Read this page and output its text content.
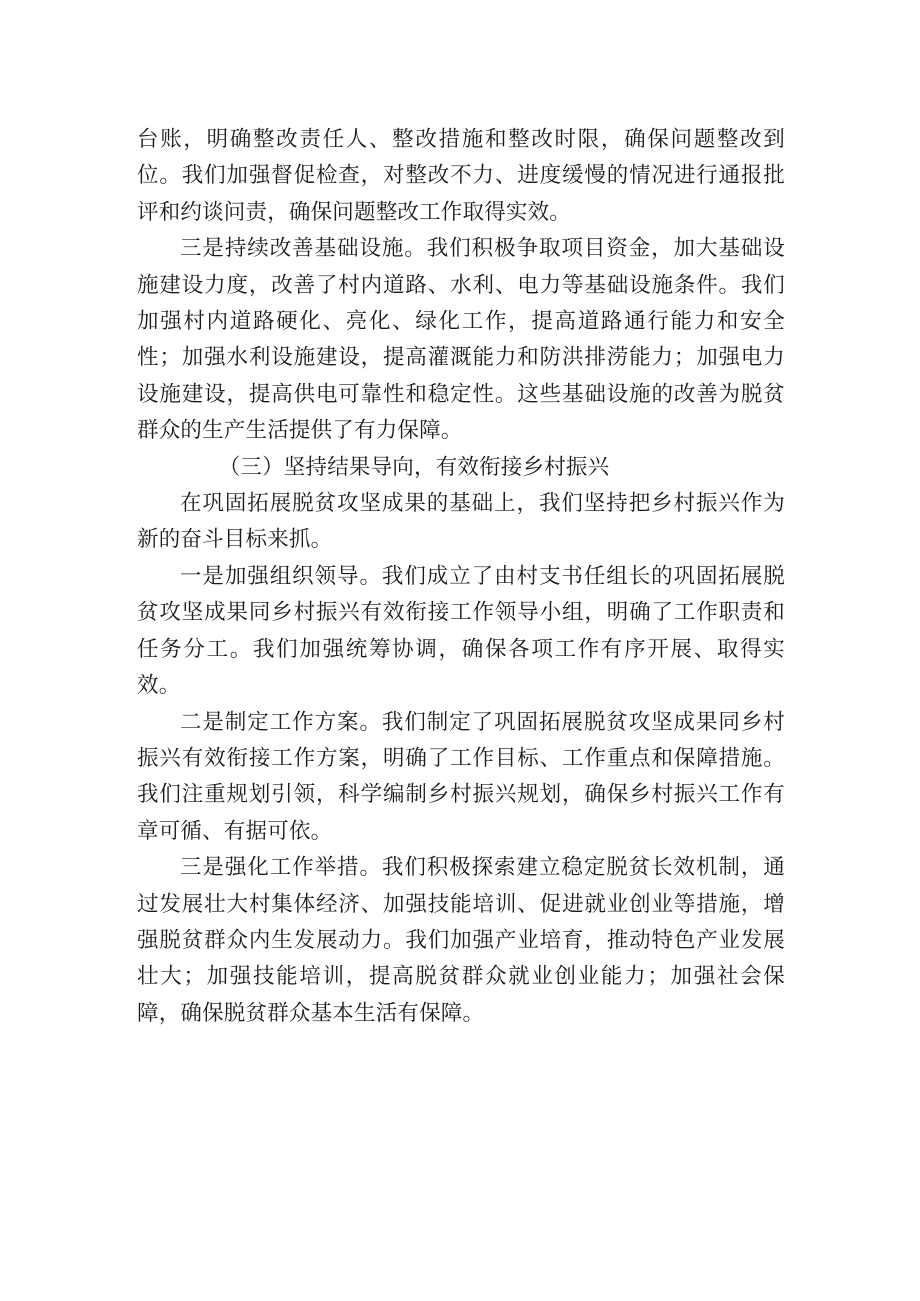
台账，明确整改责任人、整改措施和整改时限，确保问题整改到位。我们加强督促检查，对整改不力、进度缓慢的情况进行通报批评和约谈问责，确保问题整改工作取得实效。

三是持续改善基础设施。我们积极争取项目资金，加大基础设施建设力度，改善了村内道路、水利、电力等基础设施条件。我们加强村内道路硬化、亮化、绿化工作，提高道路通行能力和安全性；加强水利设施建设，提高灌溉能力和防洪排涝能力；加强电力设施建设，提高供电可靠性和稳定性。这些基础设施的改善为脱贫群众的生产生活提供了有力保障。

（三）坚持结果导向，有效衔接乡村振兴

在巩固拓展脱贫攻坚成果的基础上，我们坚持把乡村振兴作为新的奋斗目标来抓。

一是加强组织领导。我们成立了由村支书任组长的巩固拓展脱贫攻坚成果同乡村振兴有效衔接工作领导小组，明确了工作职责和任务分工。我们加强统筹协调，确保各项工作有序开展、取得实效。

二是制定工作方案。我们制定了巩固拓展脱贫攻坚成果同乡村振兴有效衔接工作方案，明确了工作目标、工作重点和保障措施。我们注重规划引领，科学编制乡村振兴规划，确保乡村振兴工作有章可循、有据可依。

三是强化工作举措。我们积极探索建立稳定脱贫长效机制，通过发展壮大村集体经济、加强技能培训、促进就业创业等措施，增强脱贫群众内生发展动力。我们加强产业培育，推动特色产业发展壮大；加强技能培训，提高脱贫群众就业创业能力；加强社会保障，确保脱贫群众基本生活有保障。
